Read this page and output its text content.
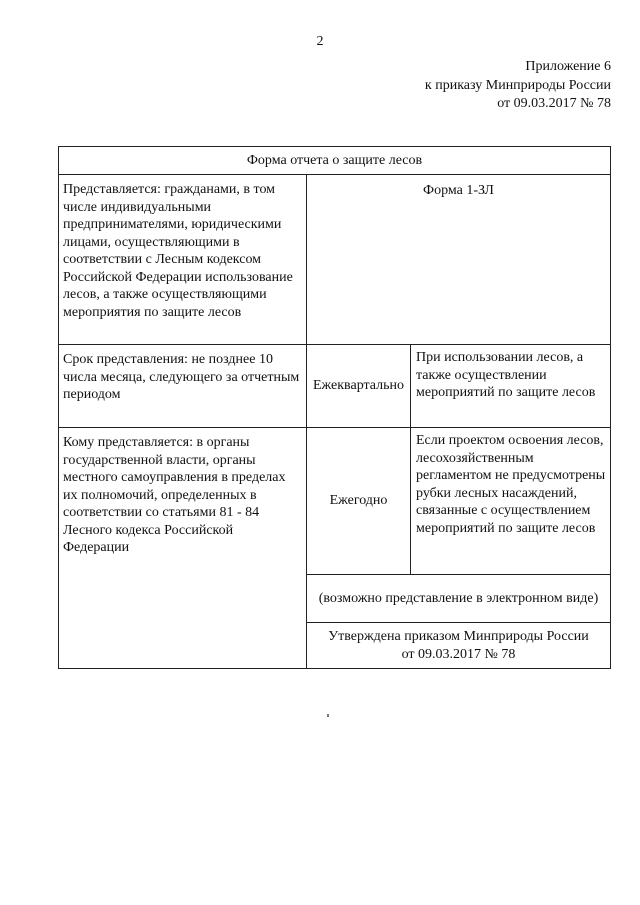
2
Приложение 6
к приказу Минприроды России
от 09.03.2017 № 78
Форма отчета о защите лесов		
Представляется: гражданами, в том числе индивидуальными предпринимателями, юридическими лицами, осуществляющими в соответствии с Лесным кодексом Российской Федерации использование лесов, а также осуществляющими мероприятия по защите лесов	Форма 1-ЗЛ	
Срок представления: не позднее 10 числа месяца, следующего за отчетным периодом	Ежеквартально	При использовании лесов, а также осуществлении мероприятий по защите лесов
Кому представляется: в органы государственной власти, органы местного самоуправления в пределах их полномочий, определенных в соответствии со статьями 81 - 84 Лесного кодекса Российской Федерации	Ежегодно	Если проектом освоения лесов, лесохозяйственным регламентом не предусмотрены рубки лесных насаждений, связанные с осуществлением мероприятий по защите лесов
	(возможно представление в электронном виде)	

	Утверждена приказом Минприроды России
от 09.03.2017 № 78	
